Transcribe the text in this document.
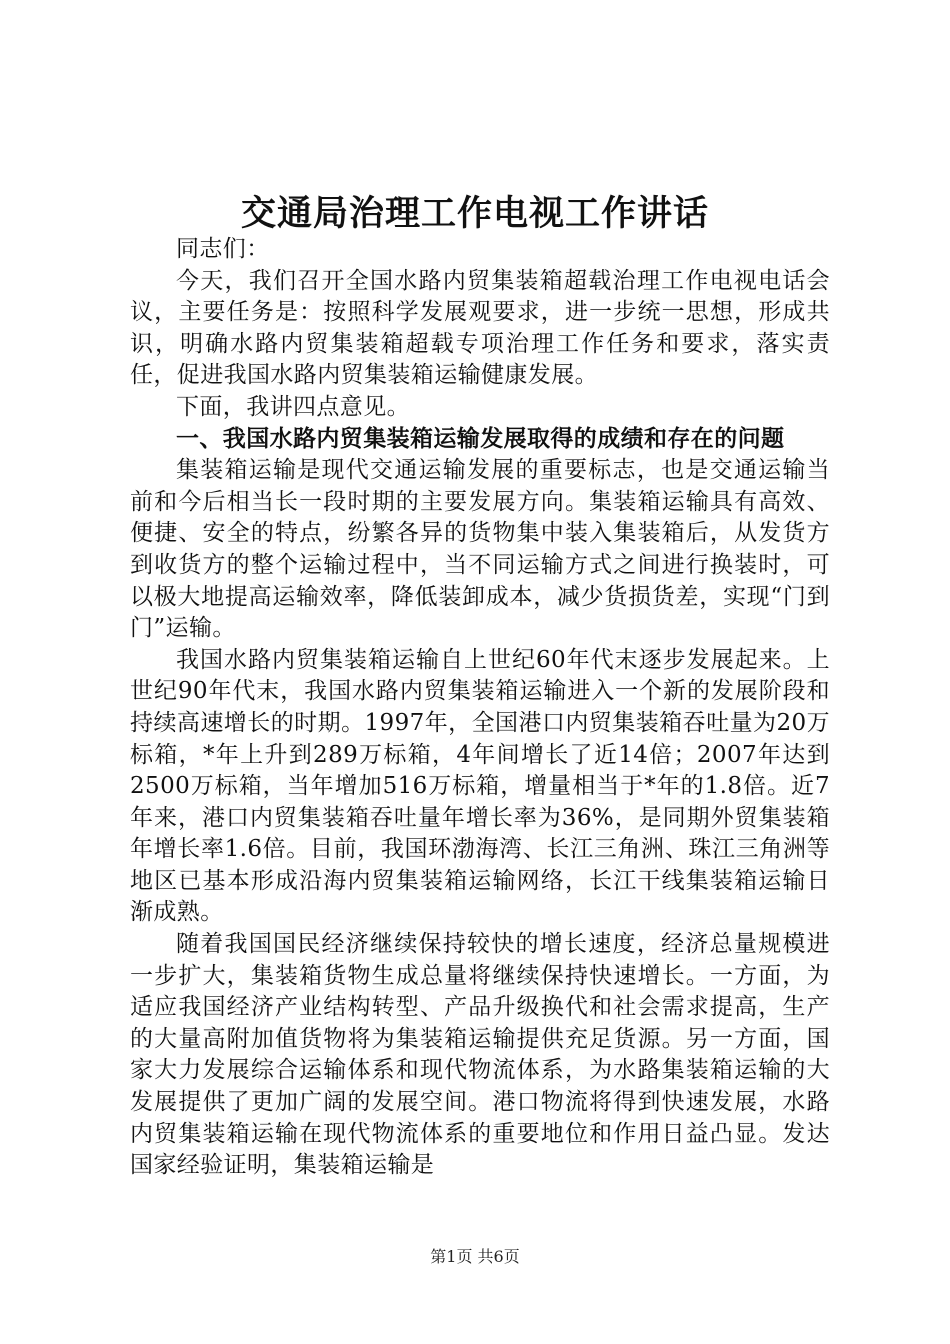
交通局治理工作电视工作讲话

同志们：

今天，我们召开全国水路内贸集装箱超载治理工作电视电话会议，主要任务是：按照科学发展观要求，进一步统一思想，形成共识，明确水路内贸集装箱超载专项治理工作任务和要求，落实责任，促进我国水路内贸集装箱运输健康发展。

下面，我讲四点意见。

一、我国水路内贸集装箱运输发展取得的成绩和存在的问题

集装箱运输是现代交通运输发展的重要标志，也是交通运输当前和今后相当长一段时期的主要发展方向。集装箱运输具有高效、便捷、安全的特点，纷繁各异的货物集中装入集装箱后，从发货方到收货方的整个运输过程中，当不同运输方式之间进行换装时，可以极大地提高运输效率，降低装卸成本，减少货损货差，实现“门到门”运输。

我国水路内贸集装箱运输自上世纪60年代末逐步发展起来。上世纪90年代末，我国水路内贸集装箱运输进入一个新的发展阶段和持续高速增长的时期。1997年，全国港口内贸集装箱吞吐量为20万标箱，*年上升到289万标箱，4年间增长了近14倍；2007年达到2500万标箱，当年增加516万标箱，增量相当于*年的1.8倍。近7年来，港口内贸集装箱吞吐量年增长率为36%，是同期外贸集装箱年增长率1.6倍。目前，我国环渤海湾、长江三角洲、珠江三角洲等地区已基本形成沿海内贸集装箱运输网络，长江干线集装箱运输日渐成熟。

随着我国国民经济继续保持较快的增长速度，经济总量规模进一步扩大，集装箱货物生成总量将继续保持快速增长。一方面，为适应我国经济产业结构转型、产品升级换代和社会需求提高，生产的大量高附加值货物将为集装箱运输提供充足货源。另一方面，国家大力发展综合运输体系和现代物流体系，为水路集装箱运输的大发展提供了更加广阔的发展空间。港口物流将得到快速发展，水路内贸集装箱运输在现代物流体系的重要地位和作用日益凸显。发达国家经验证明，集装箱运输是

第1页 共6页
